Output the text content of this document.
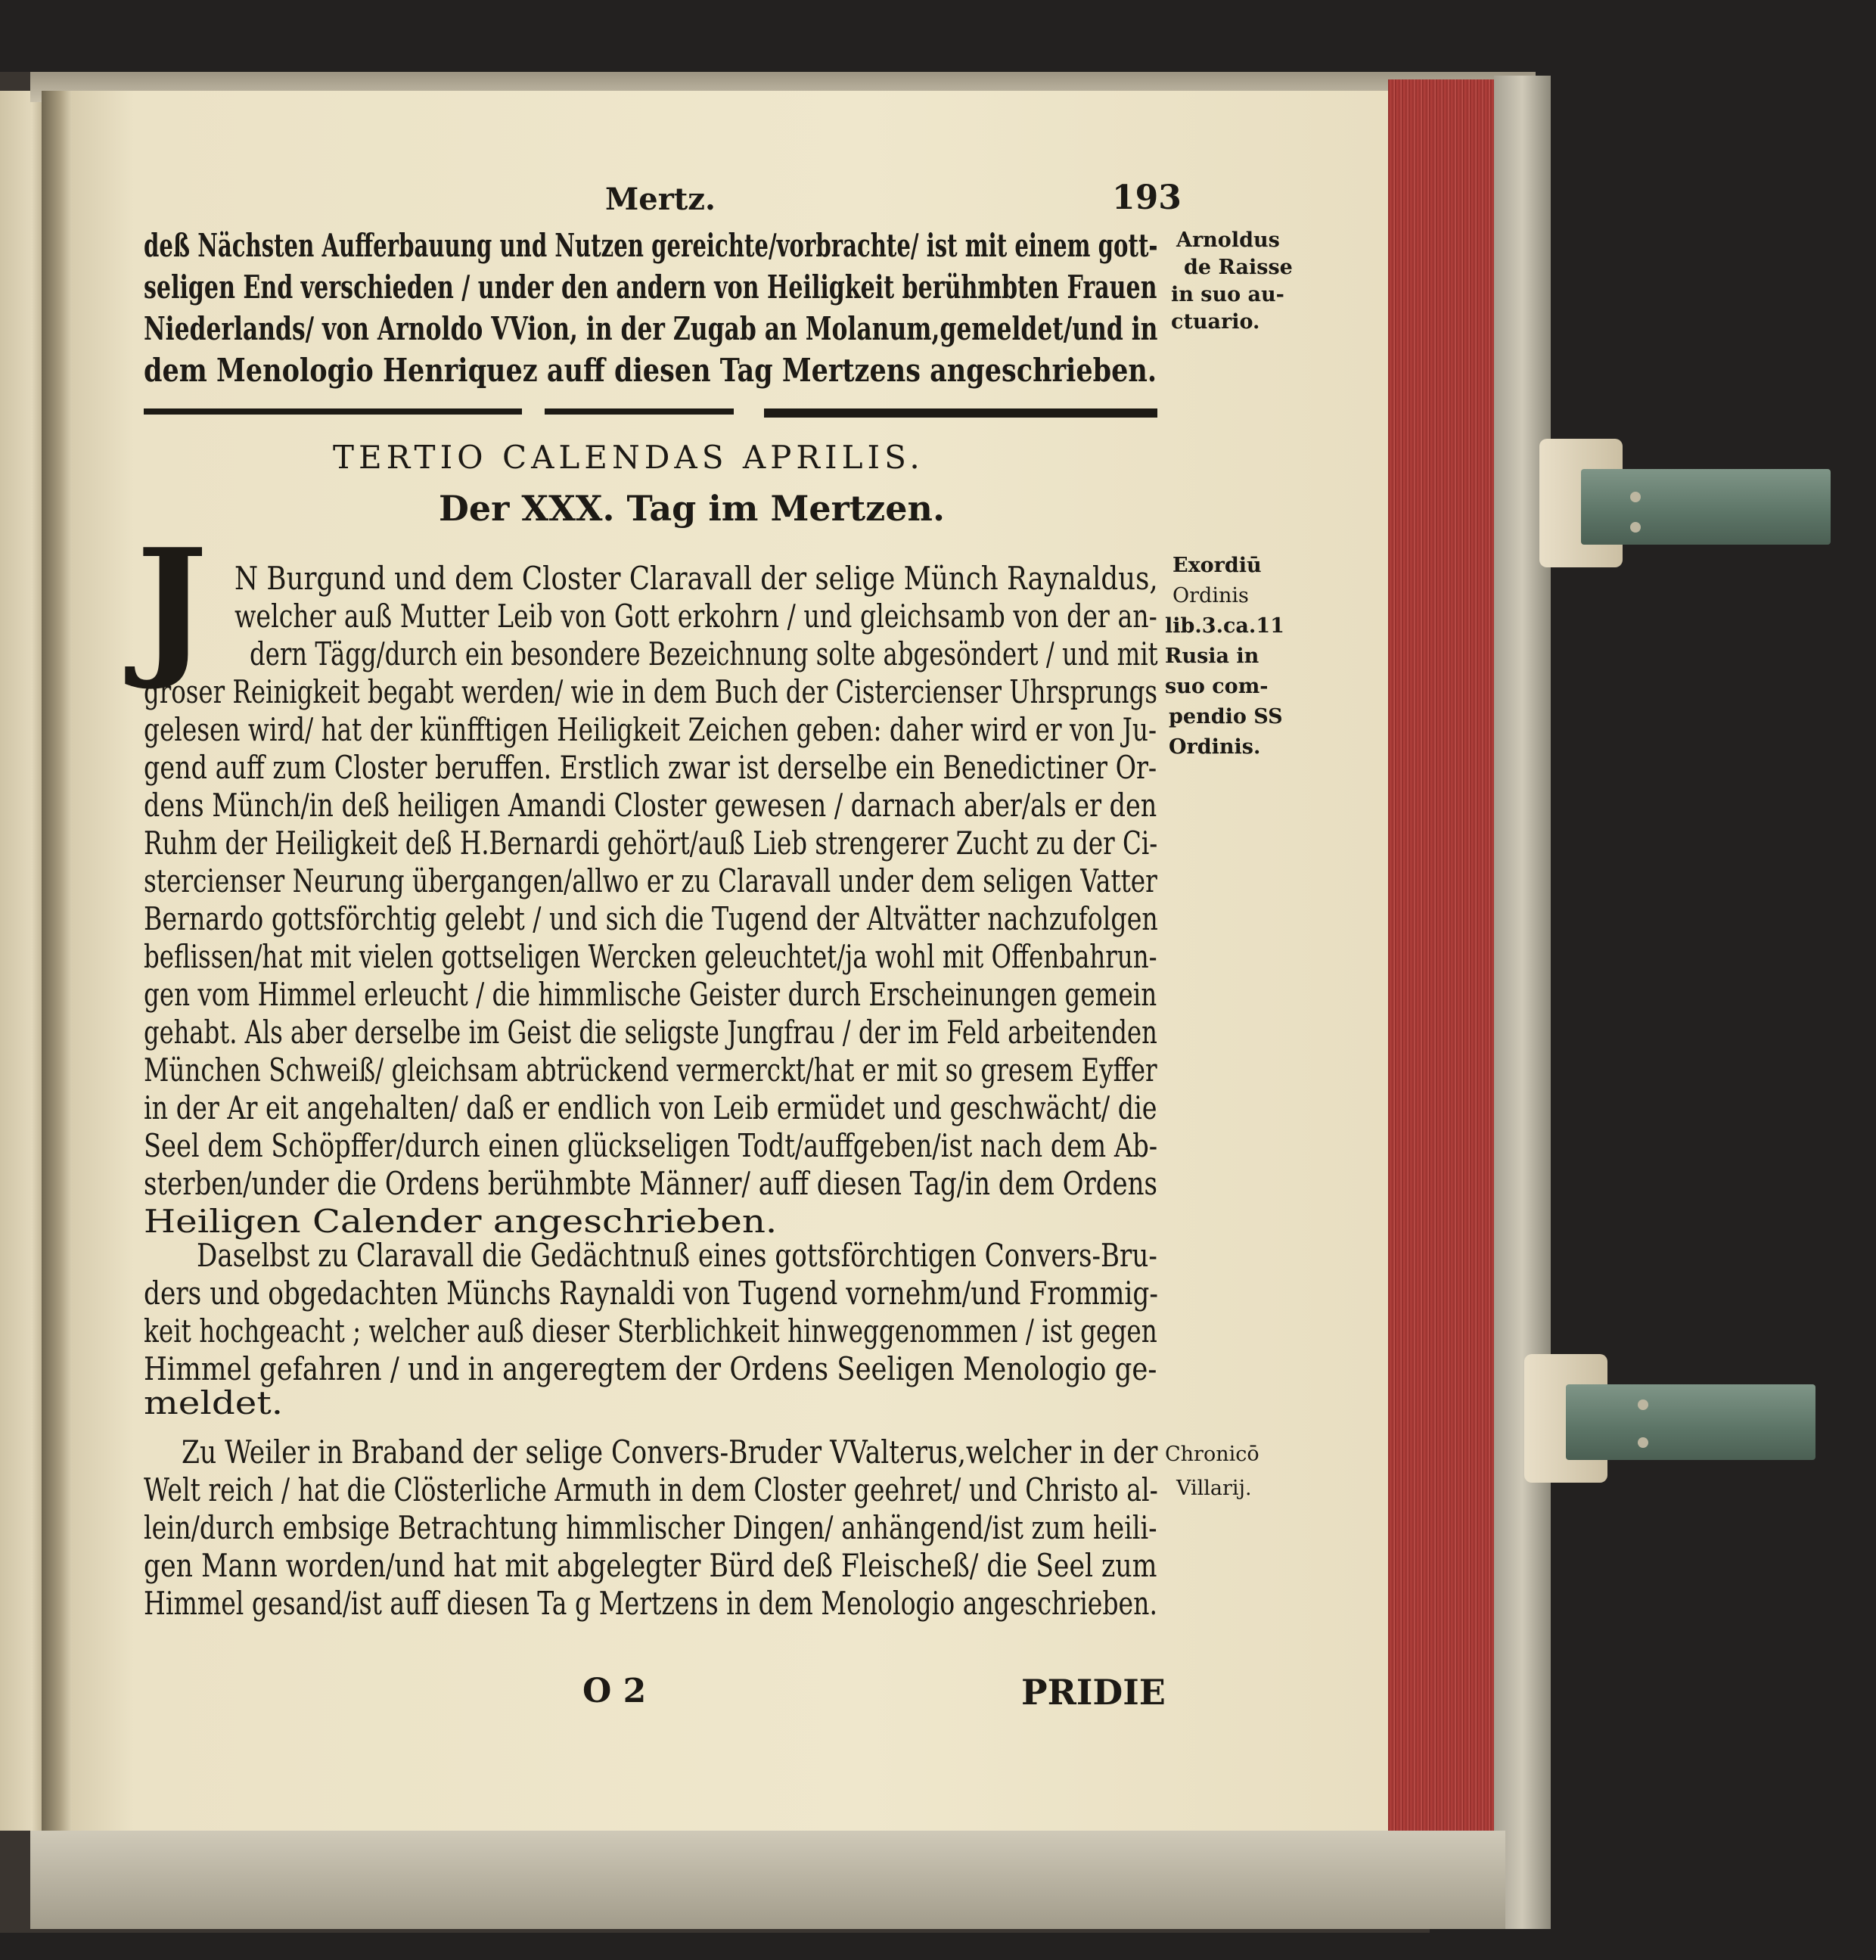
Mertz.	193
deß Nächsten Aufferbauung und Nutzen gereichte/vorbrachte/ ist mit einem gott-
seligen End verschieden / under den andern von Heiligkeit berühmbten Frauen
Niederlands/ von Arnoldo VVion, in der Zugab an Molanum,gemeldet/und in
dem Menologio Henriquez auff diesen Tag Mertzens angeschrieben.
Arnoldus
de Raisse
in suo au-
ctuario.
TERTIO CALENDAS APRILIS.
Der XXX. Tag im Mertzen.
J N Burgund und dem Closter Claravall der selige Münch Raynaldus,
welcher auß Mutter Leib von Gott erkohrn / und gleichsamb von der an-
dern Tägg/durch ein besondere Bezeichnung solte abgesöndert / und mit
groser Reinigkeit begabt werden/ wie in dem Buch der Cistercienser Uhrsprungs
gelesen wird/ hat der künfftigen Heiligkeit Zeichen geben: daher wird er von Ju-
gend auff zum Closter beruffen. Erstlich zwar ist derselbe ein Benedictiner Or-
dens Münch/in deß heiligen Amandi Closter gewesen / darnach aber/als er den
Ruhm der Heiligkeit deß H.Bernardi gehört/auß Lieb strengerer Zucht zu der Ci-
stercienser Neurung übergangen/allwo er zu Claravall under dem seligen Vatter
Bernardo gottsförchtig gelebt / und sich die Tugend der Altvätter nachzufolgen
beflissen/hat mit vielen gottseligen Wercken geleuchtet/ja wohl mit Offenbahrun-
gen vom Himmel erleucht / die himmlische Geister durch Erscheinungen gemein
gehabt. Als aber derselbe im Geist die seligste Jungfrau / der im Feld arbeitenden
München Schweiß/ gleichsam abtrückend vermerckt/hat er mit so gresem Eyffer
in der Ar eit angehalten/ daß er endlich von Leib ermüdet und geschwächt/ die
Seel dem Schöpffer/durch einen glückseligen Todt/auffgeben/ist nach dem Ab-
sterben/under die Ordens berühmbte Männer/ auff diesen Tag/in dem Ordens
Heiligen Calender angeschrieben.
Exordiū
Ordinis
lib.3.ca.11
Rusia in
suo com-
pendio SS
Ordinis.
Daselbst zu Claravall die Gedächtnuß eines gottsförchtigen Convers-Bru-
ders und obgedachten Münchs Raynaldi von Tugend vornehm/und Frommig-
keit hochgeacht ; welcher auß dieser Sterblichkeit hinweggenommen / ist gegen
Himmel gefahren / und in angeregtem der Ordens Seeligen Menologio ge-
meldet.
Zu Weiler in Braband der selige Convers-Bruder VValterus,welcher in der
Welt reich / hat die Clösterliche Armuth in dem Closter geehret/ und Christo al-
lein/durch embsige Betrachtung himmlischer Dingen/ anhängend/ist zum heili-
gen Mann worden/und hat mit abgelegter Bürd deß Fleischeß/ die Seel zum
Himmel gesand/ist auff diesen Ta g Mertzens in dem Menologio angeschrieben.
Chronicō
Villarij.
O 2	PRIDIE
